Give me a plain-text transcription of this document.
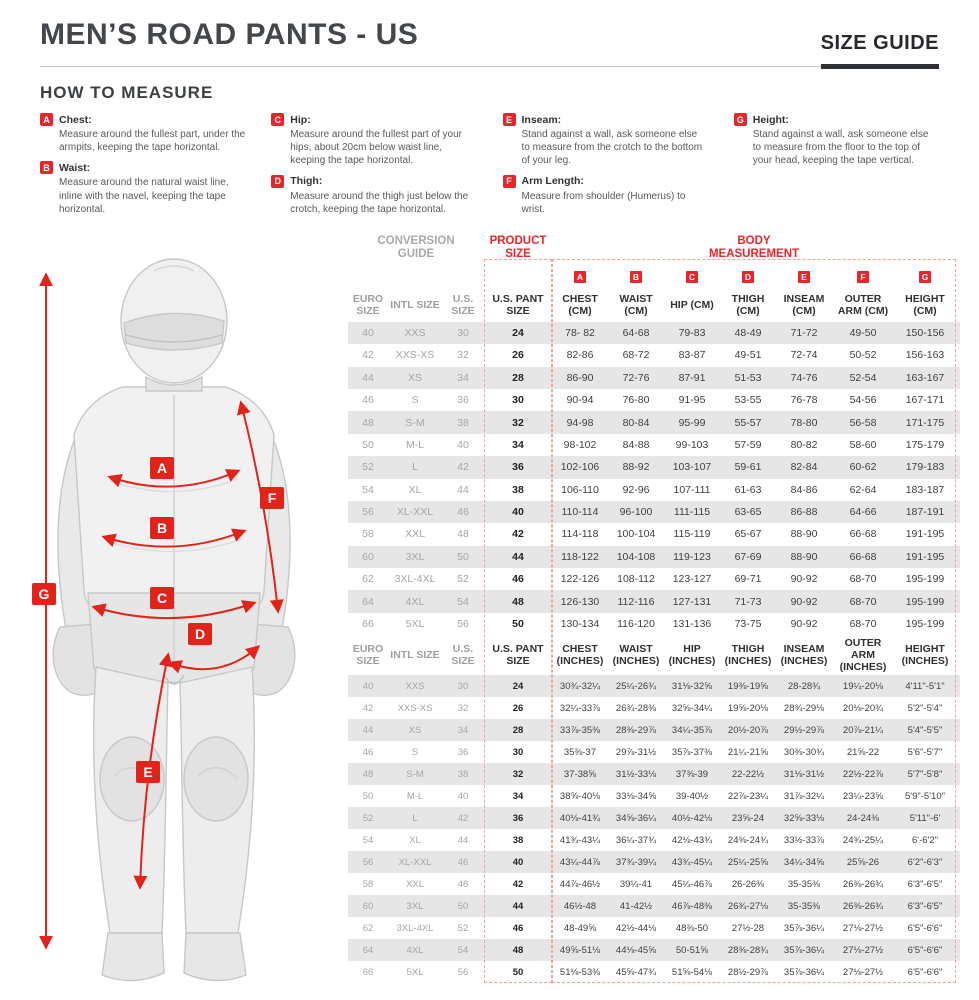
MEN’S ROAD PANTS - US	SIZE GUIDE
HOW TO MEASURE
A Chest:
Measure around the fullest part, under the armpits, keeping the tape horizontal.
B Waist:
Measure around the natural waist line, inline with the navel, keeping the tape horizontal.
C Hip:
Measure around the fullest part of your hips, about 20cm below waist line, keeping the tape horizontal.
D Thigh:
Measure around the thigh just below the crotch, keeping the tape horizontal.
E Inseam:
Stand against a wall, ask someone else to measure from the crotch to the bottom of your leg.
F Arm Length:
Measure from shoulder (Humerus) to wrist.
G Height:
Stand against a wall, ask someone else to measure from the floor to the top of your head, keeping the tape vertical.
A
B
C
D
E
F
G
CONVERSION GUIDE
PRODUCT SIZE
BODY MEASUREMENT
A	B	C	D	E	F	G
EURO SIZE
INTL SIZE
U.S. SIZE
U.S. PANT SIZE
CHEST (CM)
WAIST (CM)
HIP (CM)
THIGH (CM)
INSEAM (CM)
OUTER ARM (CM)
HEIGHT (CM)
40	XXS	30	24	78- 82	64-68	79-83	48-49	71-72	49-50	150-156
42	XXS-XS	32	26	82-86	68-72	83-87	49-51	72-74	50-52	156-163
44	XS	34	28	86-90	72-76	87-91	51-53	74-76	52-54	163-167
46	S	36	30	90-94	76-80	91-95	53-55	76-78	54-56	167-171
48	S-M	38	32	94-98	80-84	95-99	55-57	78-80	56-58	171-175
50	M-L	40	34	98-102	84-88	99-103	57-59	80-82	58-60	175-179
52	L	42	36	102-106	88-92	103-107	59-61	82-84	60-62	179-183
54	XL	44	38	106-110	92-96	107-111	61-63	84-86	62-64	183-187
56	XL-XXL	46	40	110-114	96-100	111-115	63-65	86-88	64-66	187-191
58	XXL	48	42	114-118	100-104	115-119	65-67	88-90	66-68	191-195
60	3XL	50	44	118-122	104-108	119-123	67-69	88-90	66-68	191-195
62	3XL-4XL	52	46	122-126	108-112	123-127	69-71	90-92	68-70	195-199
64	4XL	54	48	126-130	112-116	127-131	71-73	90-92	68-70	195-199
66	5XL	56	50	130-134	116-120	131-136	73-75	90-92	68-70	195-199
EURO SIZE
INTL SIZE
U.S. SIZE
U.S. PANT SIZE
CHEST (INCHES)
WAIST (INCHES)
HIP (INCHES)
THIGH (INCHES)
INSEAM (INCHES)
OUTER ARM (INCHES)
HEIGHT (INCHES)
40	XXS	30	24	30¾-32¼	25¼-26¾	31⅛-32⅝	19⅜-19⅝	28-28¾	19¼-20⅛	4'11"-5'1"
42	XXS-XS	32	26	32¼-33⅞	26¾-28⅜	32⅝-34¼	19⅝-20⅛	28¾-29⅛	20⅛-20¾	5'2"-5'4"
44	XS	34	28	33⅞-35⅜	28⅜-29⅞	34¼-35⅞	20½-20⅞	29½-29⅞	20⅞-21¼	5'4"-5'5"
46	S	36	30	35⅜-37	29⅞-31½	35⅞-37⅜	21¼-21⅝	30⅜-30¾	21⅝-22	5'6"-5'7"
48	S-M	38	32	37-38⅝	31½-33⅛	37⅜-39	22-22½	31⅛-31½	22½-22⅞	5'7"-5'8"
50	M-L	40	34	38⅝-40⅛	33⅛-34⅝	39-40½	22⅞-23¼	31⅞-32¼	23¼-23⅝	5'9"-5'10"
52	L	42	36	40⅛-41¾	34⅝-36¼	40½-42⅛	23⅝-24	32⅝-33⅛	24-24⅜	5'11"-6'
54	XL	44	38	41¾-43¼	36¼-37¾	42⅛-43¾	24⅜-24¾	33½-33⅞	24¾-25¼	6'-6'2"
56	XL-XXL	46	40	43¼-44⅞	37¾-39¼	43¾-45¼	25¼-25⅝	34¼-34⅝	25⅝-26	6'2"-6'3"
58	XXL	48	42	44⅞-46½	39¼-41	45¼-46⅞	26-26⅜	35-35⅜	26⅜-26¾	6'3"-6'5"
60	3XL	50	44	46½-48	41-42½	46⅞-48⅜	26¾-27⅛	35-35⅜	26⅜-26¾	6'3"-6'5"
62	3XL-4XL	52	46	48-49⅝	42½-44⅛	48⅜-50	27½-28	35⅞-36¼	27⅛-27½	6'5"-6'6"
64	4XL	54	48	49⅝-51⅛	44⅛-45⅝	50-51⅝	28⅜-28¾	35⅞-36¼	27⅛-27½	6'5"-6'6"
66	5XL	56	50	51⅛-53⅜	45⅝-47¾	51⅝-54⅛	28½-29⅞	35⅞-36¼	27⅛-27½	6'5"-6'6"
